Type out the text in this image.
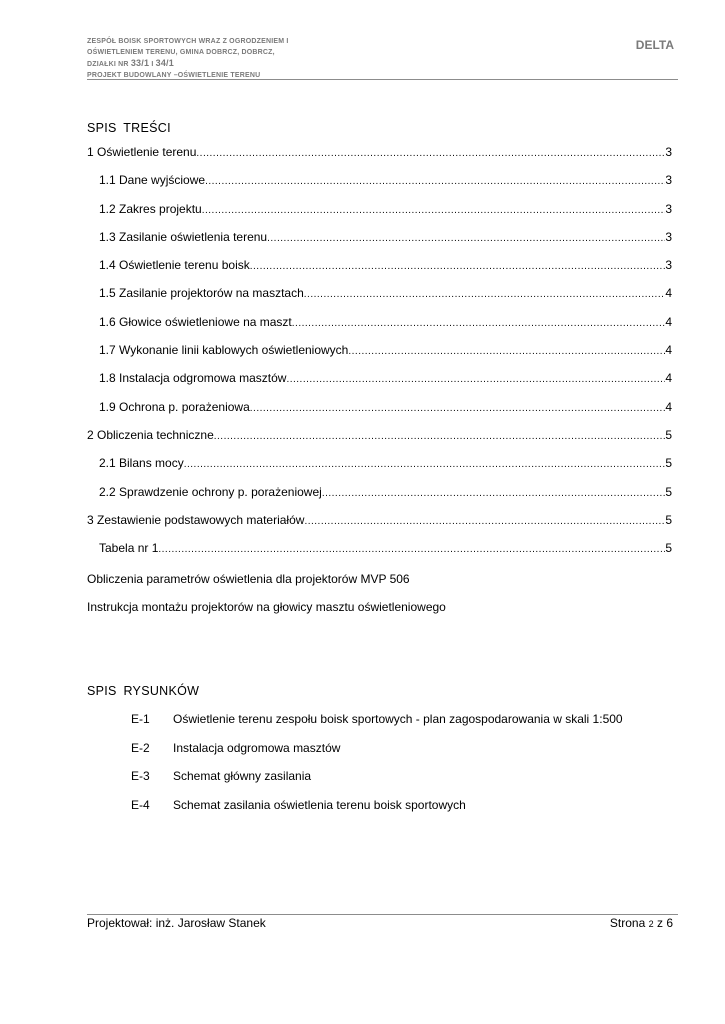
ZESPÓŁ BOISK SPORTOWYCH WRAZ Z OGRODZENIEM I
OŚWIETLENIEM TERENU, GMINA DOBRCZ, DOBRCZ,
DZIAŁKI NR 33/1 I 34/1
PROJEKT BUDOWLANY –OŚWIETLENIE TERENU
DELTA
SPIS TREŚCI
1 Oświetlenie terenu .....	3
1.1 Dane wyjściowe .....	3
1.2 Zakres projektu .....	3
1.3 Zasilanie oświetlenia terenu .....	3
1.4 Oświetlenie terenu boisk .....	3
1.5 Zasilanie projektorów na masztach .....	4
1.6 Głowice oświetleniowe na maszt .....	4
1.7 Wykonanie linii kablowych oświetleniowych .....	4
1.8 Instalacja odgromowa masztów .....	4
1.9 Ochrona p. porażeniowa .....	4
2 Obliczenia techniczne .....	5
2.1 Bilans mocy .....	5
2.2 Sprawdzenie ochrony p. porażeniowej .....	5
3 Zestawienie podstawowych materiałów .....	5
Tabela nr 1 .....	5
Obliczenia parametrów oświetlenia dla projektorów MVP 506
Instrukcja montażu projektorów na głowicy masztu oświetleniowego
SPIS RYSUNKÓW
E-1	Oświetlenie terenu zespołu boisk sportowych - plan zagospodarowania w skali 1:500
E-2	Instalacja odgromowa masztów
E-3	Schemat główny zasilania
E-4	Schemat zasilania oświetlenia terenu boisk sportowych
Projektował: inż. Jarosław Stanek	Strona 2 z 6
